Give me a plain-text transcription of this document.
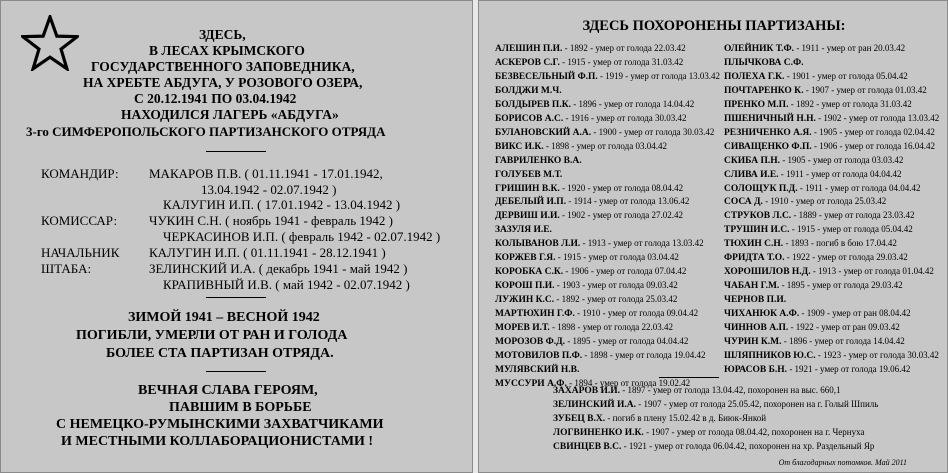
ЗДЕСЬ,
В ЛЕСАХ КРЫМСКОГО
ГОСУДАРСТВЕННОГО ЗАПОВЕДНИКА,
НА ХРЕБТЕ АБДУГА, У РОЗОВОГО ОЗЕРА,
С 20.12.1941 ПО 03.04.1942
НАХОДИЛСЯ ЛАГЕРЬ «АБДУГА»
3-го СИМФЕРОПОЛЬСКОГО ПАРТИЗАНСКОГО ОТРЯДА
КОМАНДИР:
КОМИССАР:
НАЧАЛЬНИК
ШТАБА:
МАКАРОВ П.В. ( 01.11.1941 - 17.01.1942,
13.04.1942 - 02.07.1942 )
КАЛУГИН И.П. ( 17.01.1942 - 13.04.1942 )
ЧУКИН С.Н. ( ноябрь 1941 - февраль 1942 )
ЧЕРКАСИНОВ И.П. ( февраль 1942 - 02.07.1942 )
КАЛУГИН И.П. ( 01.11.1941 - 28.12.1941 )
ЗЕЛИНСКИЙ И.А. ( декабрь 1941 - май 1942 )
КРАПИВНЫЙ И.В. ( май 1942 - 02.07.1942 )
ЗИМОЙ 1941 – ВЕСНОЙ 1942
ПОГИБЛИ, УМЕРЛИ ОТ РАН И ГОЛОДА
БОЛЕЕ СТА ПАРТИЗАН ОТРЯДА.
ВЕЧНАЯ СЛАВА ГЕРОЯМ,
ПАВШИМ В БОРЬБЕ
С НЕМЕЦКО-РУМЫНСКИМИ ЗАХВАТЧИКАМИ
И МЕСТНЫМИ КОЛЛАБОРАЦИОНИСТАМИ !
ЗДЕСЬ ПОХОРОНЕНЫ ПАРТИЗАНЫ:
АЛЕШИН П.И. - 1892 - умер от голода 22.03.42
АСКЕРОВ С.Г. - 1915 - умер от голода 31.03.42
БЕЗВЕСЕЛЬНЫЙ Ф.П. - 1919 - умер от голода 13.03.42
БОЛДЖИ М.Ч.
БОЛДЫРЕВ П.К. - 1896 - умер от голода 14.04.42
БОРИСОВ А.С. - 1916 - умер от голода 30.03.42
БУЛАНОВСКИЙ А.А. - 1900 - умер от голода 30.03.42
ВИКС И.К. - 1898 - умер от голода 03.04.42
ГАВРИЛЕНКО В.А.
ГОЛУБЕВ М.Т.
ГРИШИН В.К. - 1920 - умер от голода 08.04.42
ДЕБЕЛЫЙ И.П. - 1914 - умер от голода 13.06.42
ДЕРВИШ И.И. - 1902 - умер от голода 27.02.42
ЗАЗУЛЯ И.Е.
КОЛЫВАНОВ Л.И. - 1913 - умер от голода 13.03.42
КОРЖЕВ Г.Я. - 1915 - умер от голода 03.04.42
КОРОБКА С.К. - 1906 - умер от голода 07.04.42
КОРОШ П.И. - 1903 - умер от голода 09.03.42
ЛУЖИН К.С. - 1892 - умер от голода 25.03.42
МАРТЮХИН Г.Ф. - 1910 - умер от голода 09.04.42
МОРЕВ И.Т. - 1898 - умер от голода 22.03.42
МОРОЗОВ Ф.Д. - 1895 - умер от голода 04.04.42
МОТОВИЛОВ П.Ф. - 1898 - умер от голода 19.04.42
МУЛЯВСКИЙ Н.В.
МУССУРИ А.Ф. - 1894 - умер от голода 19.02.42
ОЛЕЙНИК Т.Ф. - 1911 - умер от ран 20.03.42
ПЛЫЧКОВА С.Ф.
ПОЛЕХА Г.К. - 1901 - умер от голода 05.04.42
ПОЧТАРЕНКО К. - 1907 - умер от голода 01.03.42
ПРЕНКО М.П. - 1892 - умер от голода 31.03.42
ПШЕНИЧНЫЙ Н.Н. - 1902 - умер от голода 13.03.42
РЕЗНИЧЕНКО А.Я. - 1905 - умер от голода 02.04.42
СИВАЩЕНКО Ф.П. - 1906 - умер от голода 16.04.42
СКИБА П.Н. - 1905 - умер от голода 03.03.42
СЛИВА И.Е. - 1911 - умер от голода 04.04.42
СОЛОЩУК П.Д. - 1911 - умер от голода 04.04.42
СОСА Д. - 1910 - умер от голода 25.03.42
СТРУКОВ Л.С. - 1889 - умер от голода 23.03.42
ТРУШИН И.С. - 1915 - умер от голода 05.04.42
ТЮХИН С.Н. - 1893 - погиб в бою 17.04.42
ФРИДТА Т.О. - 1922 - умер от голода 29.03.42
ХОРОШИЛОВ Н.Д. - 1913 - умер от голода 01.04.42
ЧАБАН Г.М. - 1895 - умер от голода 29.03.42
ЧЕРНОВ П.И.
ЧИХАНЮК А.Ф. - 1909 - умер от ран 08.04.42
ЧИННОВ А.П. - 1922 - умер от ран 09.03.42
ЧУРИН К.М. - 1896 - умер от голода 14.04.42
ШЛЯПНИКОВ Ю.С. - 1923 - умер от голода 30.03.42
ЮРАСОВ Б.Н. - 1921 - умер от голода 19.06.42
ЗАХАРОВ И.И. - 1897 - умер от голода 13.04.42, похоронен на выс. 660,1
ЗЕЛИНСКИЙ И.А. - 1907 - умер от голода 25.05.42, похоронен на г. Голый Шпиль
ЗУБЕЦ В.Х. - погиб в плену 15.02.42 в д. Биюк-Янкой
ЛОГВИНЕНКО И.К. - 1907 - умер от голода 08.04.42, похоронен на г. Чернуха
СВИНЦЕВ В.С. - 1921 - умер от голода 06.04.42, похоронен на хр. Раздельный Яр
От благодарных потомков. Май 2011
